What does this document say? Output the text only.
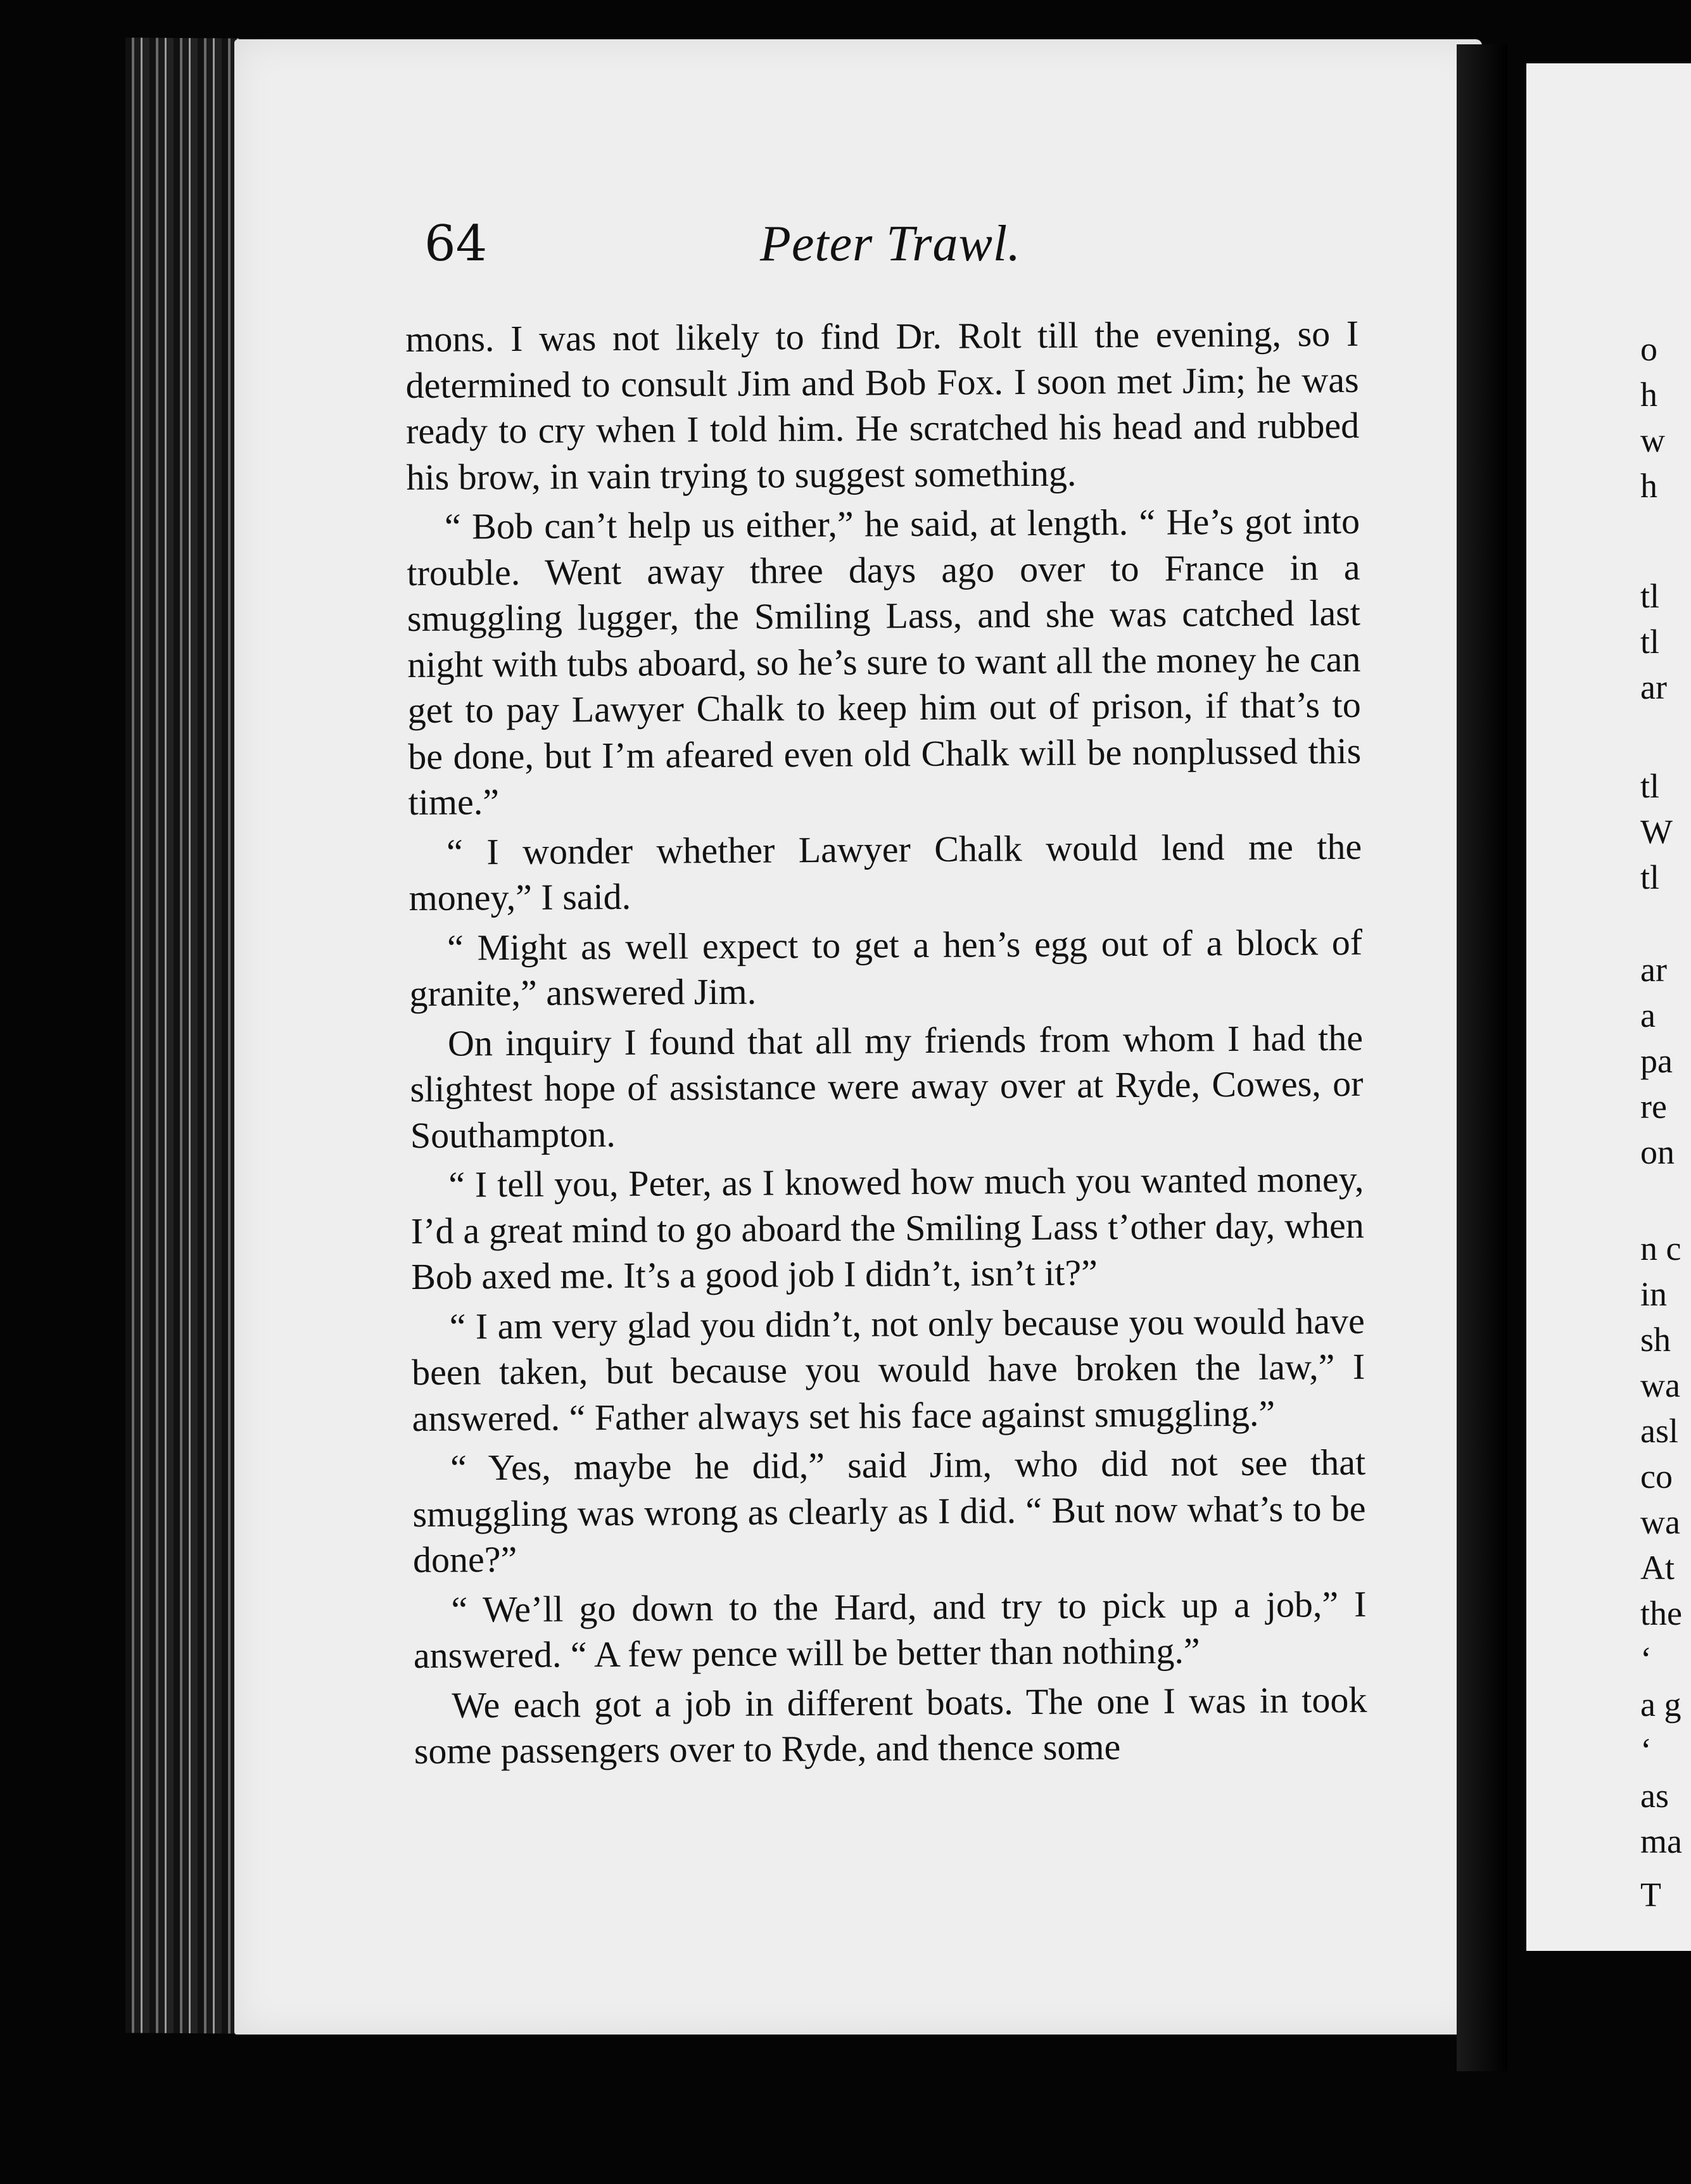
64	Peter Trawl.

mons. I was not likely to find Dr. Rolt till the evening, so I determined to consult Jim and Bob Fox. I soon met Jim; he was ready to cry when I told him. He scratched his head and rubbed his brow, in vain trying to suggest something.

“ Bob can’t help us either,” he said, at length. “ He’s got into trouble. Went away three days ago over to France in a smuggling lugger, the Smiling Lass, and she was catched last night with tubs aboard, so he’s sure to want all the money he can get to pay Lawyer Chalk to keep him out of prison, if that’s to be done, but I’m afeared even old Chalk will be nonplussed this time.”

“ I wonder whether Lawyer Chalk would lend me the money,” I said.

“ Might as well expect to get a hen’s egg out of a block of granite,” answered Jim.

On inquiry I found that all my friends from whom I had the slightest hope of assistance were away over at Ryde, Cowes, or Southampton.

“ I tell you, Peter, as I knowed how much you wanted money, I’d a great mind to go aboard the Smiling Lass t’other day, when Bob axed me. It’s a good job I didn’t, isn’t it?”

“ I am very glad you didn’t, not only because you would have been taken, but because you would have broken the law,” I answered. “ Father always set his face against smuggling.”

“ Yes, maybe he did,” said Jim, who did not see that smuggling was wrong as clearly as I did. “ But now what’s to be done?”

“ We’ll go down to the Hard, and try to pick up a job,” I answered. “ A few pence will be better than nothing.”

We each got a job in different boats. The one I was in took some passengers over to Ryde, and thence some

o
h
w
h
tl
tl
ar
tl
W
tl
ar
a
pa
re
on
n c
in
sh
wa
asl
co
wa
At
the
‘
a g
‘
as
ma
T
